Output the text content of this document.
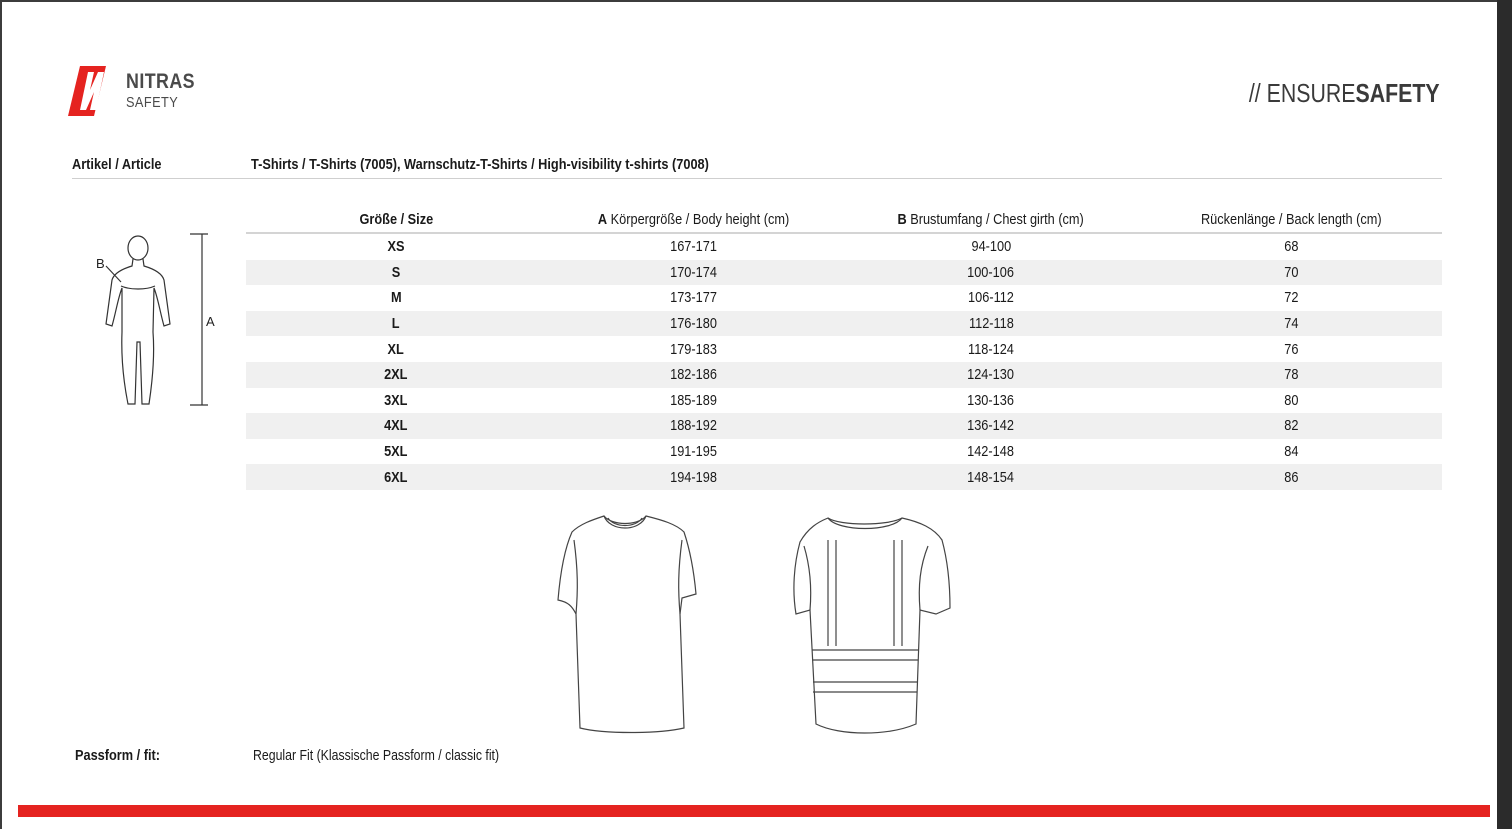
NITRAS
SAFETY	// ENSURESAFETY
Artikel / Article	T-Shirts / T-Shirts (7005), Warnschutz-T-Shirts / High-visibility t-shirts (7008)
A
B
Größe / Size	A Körpergröße / Body height (cm)	B Brustumfang / Chest girth (cm)	Rückenlänge / Back length (cm)
XS	167-171	94-100	68
S	170-174	100-106	70
M	173-177	106-112	72
L	176-180	112-118	74
XL	179-183	118-124	76
2XL	182-186	124-130	78
3XL	185-189	130-136	80
4XL	188-192	136-142	82
5XL	191-195	142-148	84
6XL	194-198	148-154	86
Passform / fit:	Regular Fit (Klassische Passform / classic fit)
